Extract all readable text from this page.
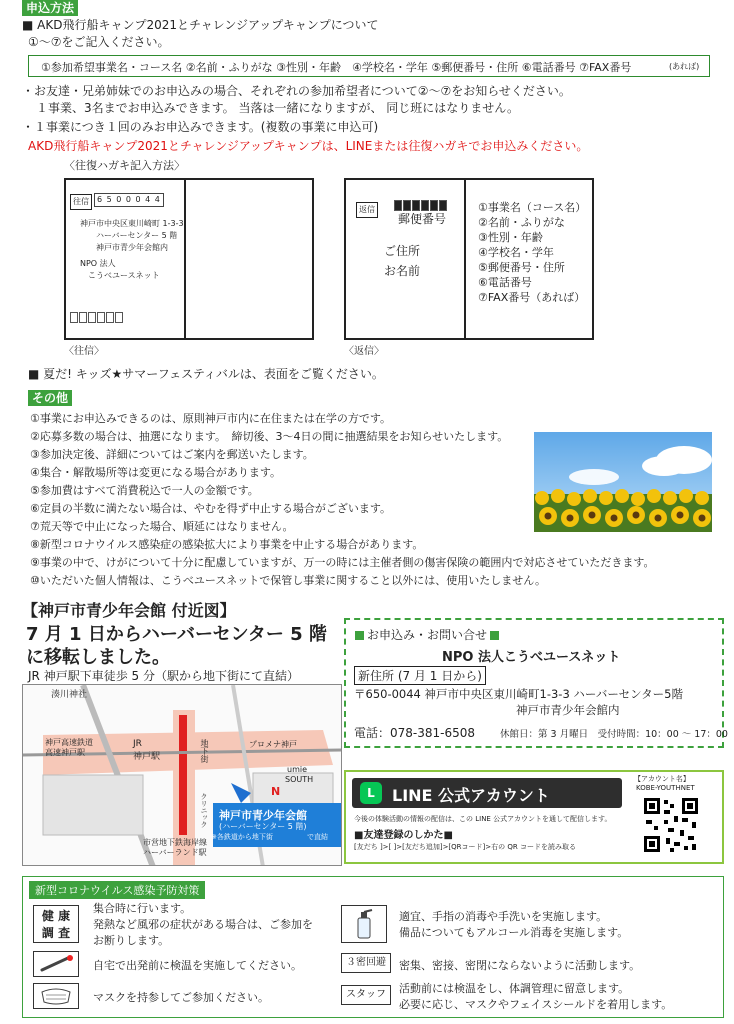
申込方法
■ AKD飛行船キャンプ2021とチャレンジアップキャンプについて
①〜⑦をご記入ください。
①参加希望事業名・コース名 ②名前・ふりがな ③性別・年齢　④学校名・学年 ⑤郵便番号・住所 ⑥電話番号 ⑦FAX番号	(あれば)
・お友達・兄弟姉妹でのお申込みの場合、それぞれの参加希望者について②〜⑦をお知らせください。
１事業、3名までお申込みできます。 当落は一緒になりますが、 同じ班にはなりません。
・１事業につき１回のみお申込みできます。(複数の事業に申込可)
AKD飛行船キャンプ2021とチャレンジアップキャンプは、LINEまたは往復ハガキでお申込みください。
〈往復ハガキ記入方法〉
往信	6 5 0 0 0 4 4
神戸市中央区東川崎町 1-3-3
ハーバーセンター 5 階
神戸市青少年会館内
NPO 法人
こうべユースネット
〈往信〉
返信
郵便番号
ご住所
お名前
①事業名（コース名）
②名前・ふりがな
③性別・年齢
④学校名・学年
⑤郵便番号・住所
⑥電話番号
⑦FAX番号（あれば）
〈返信〉
■ 夏だ! キッズ★サマーフェスティバルは、表面をご覧ください。
その他
①事業にお申込みできるのは、原則神戸市内に在住または在学の方です。
②応募多数の場合は、抽選になります。　締切後、3〜4日の間に抽選結果をお知らせいたします。
③参加決定後、詳細についてはご案内を郵送いたします。
④集合・解散場所等は変更になる場合があります。
⑤参加費はすべて消費税込で一人の金額です。
⑥定員の半数に満たない場合は、やむを得ず中止する場合がございます。
⑦荒天等で中止になった場合、順延にはなりません。
⑧新型コロナウイルス感染症の感染拡大により事業を中止する場合があります。
⑨事業の中で、けがについて十分に配慮していますが、万一の時には主催者側の傷害保険の範囲内で対応させていただきます。
⑩いただいた個人情報は、こうべユースネットで保管し事業に関すること以外には、使用いたしません。
【神戸市青少年会館 付近図】
7 月 1 日からハーバーセンター 5 階
に移転しました。
JR 神戸駅下車徒歩 5 分（駅から地下街にて直結）
湊川神社
神戸高速鉄道
高速神戸駅
JR
神戸駅	地下街	プロメナ神戸
umie
SOUTH
クリニック
市営地下鉄海岸線
ハーバーランド駅
N
神戸市青少年会館
(ハーバーセンター 5 階)
※各鉄道から地下街	で直結
お申込み・お問い合せ
NPO 法人こうべユースネット
新住所 (7 月 1 日から)
〒650-0044 神戸市中央区東川崎町1-3-3 ハーバーセンター5階
神戸市青少年会館内
電話：078-381-6508	休館日：第 3 月曜日　受付時間：10：00 〜 17：00
L	LINE 公式アカウント
【アカウント名】
KOBE-YOUTHNET
今後の体験活動の情報の配信は、この LINE 公式アカウントを通して配信します。
■友達登録のしかた■
[友だち ]>[ ]>[友だち追加]>[QRコード]>右の QR コードを読み取る
新型コロナウイルス感染予防対策
健 康
調 査
集合時に行います。
発熱など風邪の症状がある場合は、ご参加を
お断りします。
自宅で出発前に検温を実施してください。
マスクを持参してご参加ください。
適宜、手指の消毒や手洗いを実施します。
備品についてもアルコール消毒を実施します。
３密回避	密集、密接、密閉にならないように活動します。
スタッフ	活動前には検温をし、体調管理に留意します。
必要に応じ、マスクやフェイスシールドを着用します。
